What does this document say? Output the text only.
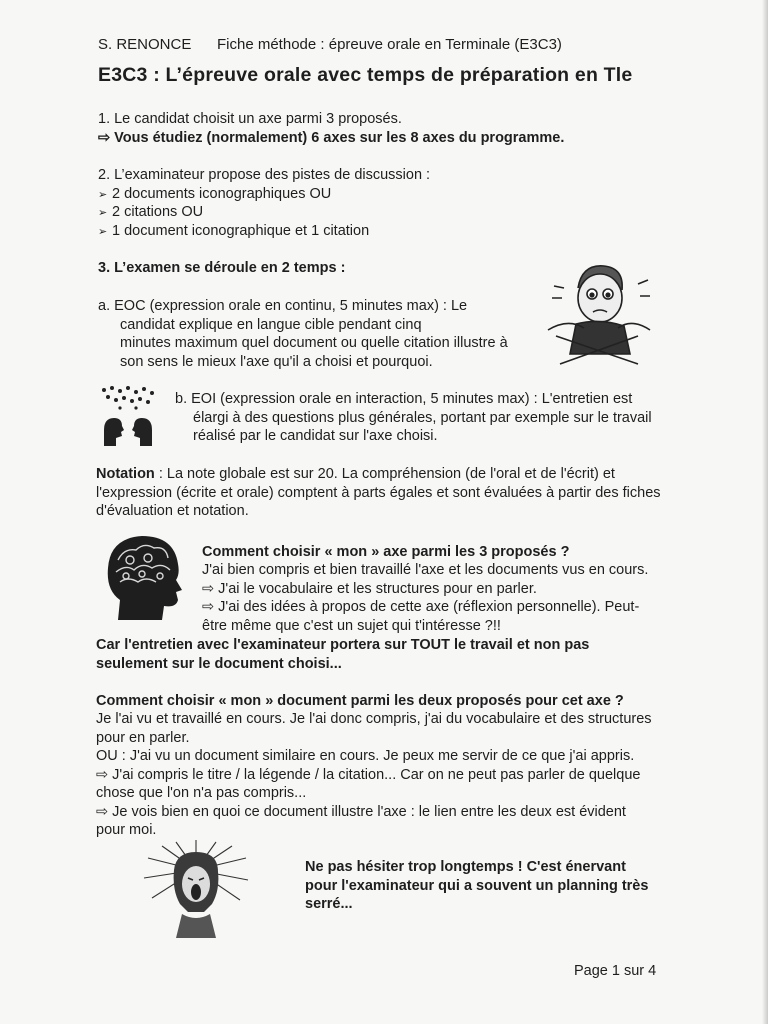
S. RENONCE Fiche méthode : épreuve orale en Terminale (E3C3)
E3C3 : L’épreuve orale avec temps de préparation en Tle
1. Le candidat choisit un axe parmi 3 proposés.
⇨ Vous étudiez (normalement) 6 axes sur les 8 axes du programme.
2. L’examinateur propose des pistes de discussion :
➢ 2 documents iconographiques OU
➢ 2 citations OU
➢ 1 document iconographique et 1 citation
3. L’examen se déroule en 2 temps :
a. EOC (expression orale en continu, 5 minutes max) : Le
candidat explique en langue cible pendant cinq
minutes maximum quel document ou quelle citation illustre à
son sens le mieux l'axe qu'il a choisi et pourquoi.
b. EOI (expression orale en interaction, 5 minutes max) : L'entretien est
élargi à des questions plus générales, portant par exemple sur le travail
réalisé par le candidat sur l'axe choisi.
Notation : La note globale est sur 20. La compréhension (de l'oral et de l'écrit) et
l'expression (écrite et orale) comptent à parts égales et sont évaluées à partir des fiches
d'évaluation et notation.
Comment choisir « mon » axe parmi les 3 proposés ?
J'ai bien compris et bien travaillé l'axe et les documents vus en cours.
⇨ J'ai le vocabulaire et les structures pour en parler.
⇨ J'ai des idées à propos de cette axe (réflexion personnelle). Peut-
être même que c'est un sujet qui t'intéresse ?!!
Car l'entretien avec l'examinateur portera sur TOUT le travail et non pas
seulement sur le document choisi...
Comment choisir « mon » document parmi les deux proposés pour cet axe ?
Je l'ai vu et travaillé en cours. Je l'ai donc compris, j'ai du vocabulaire et des structures
pour en parler.
OU : J'ai vu un document similaire en cours. Je peux me servir de ce que j'ai appris.
⇨ J'ai compris le titre / la légende / la citation... Car on ne peut pas parler de quelque
chose que l'on n'a pas compris...
⇨ Je vois bien en quoi ce document illustre l'axe : le lien entre les deux est évident
pour moi.
Ne pas hésiter trop longtemps ! C'est énervant
pour l'examinateur qui a souvent un planning très
serré...
Page 1 sur 4
